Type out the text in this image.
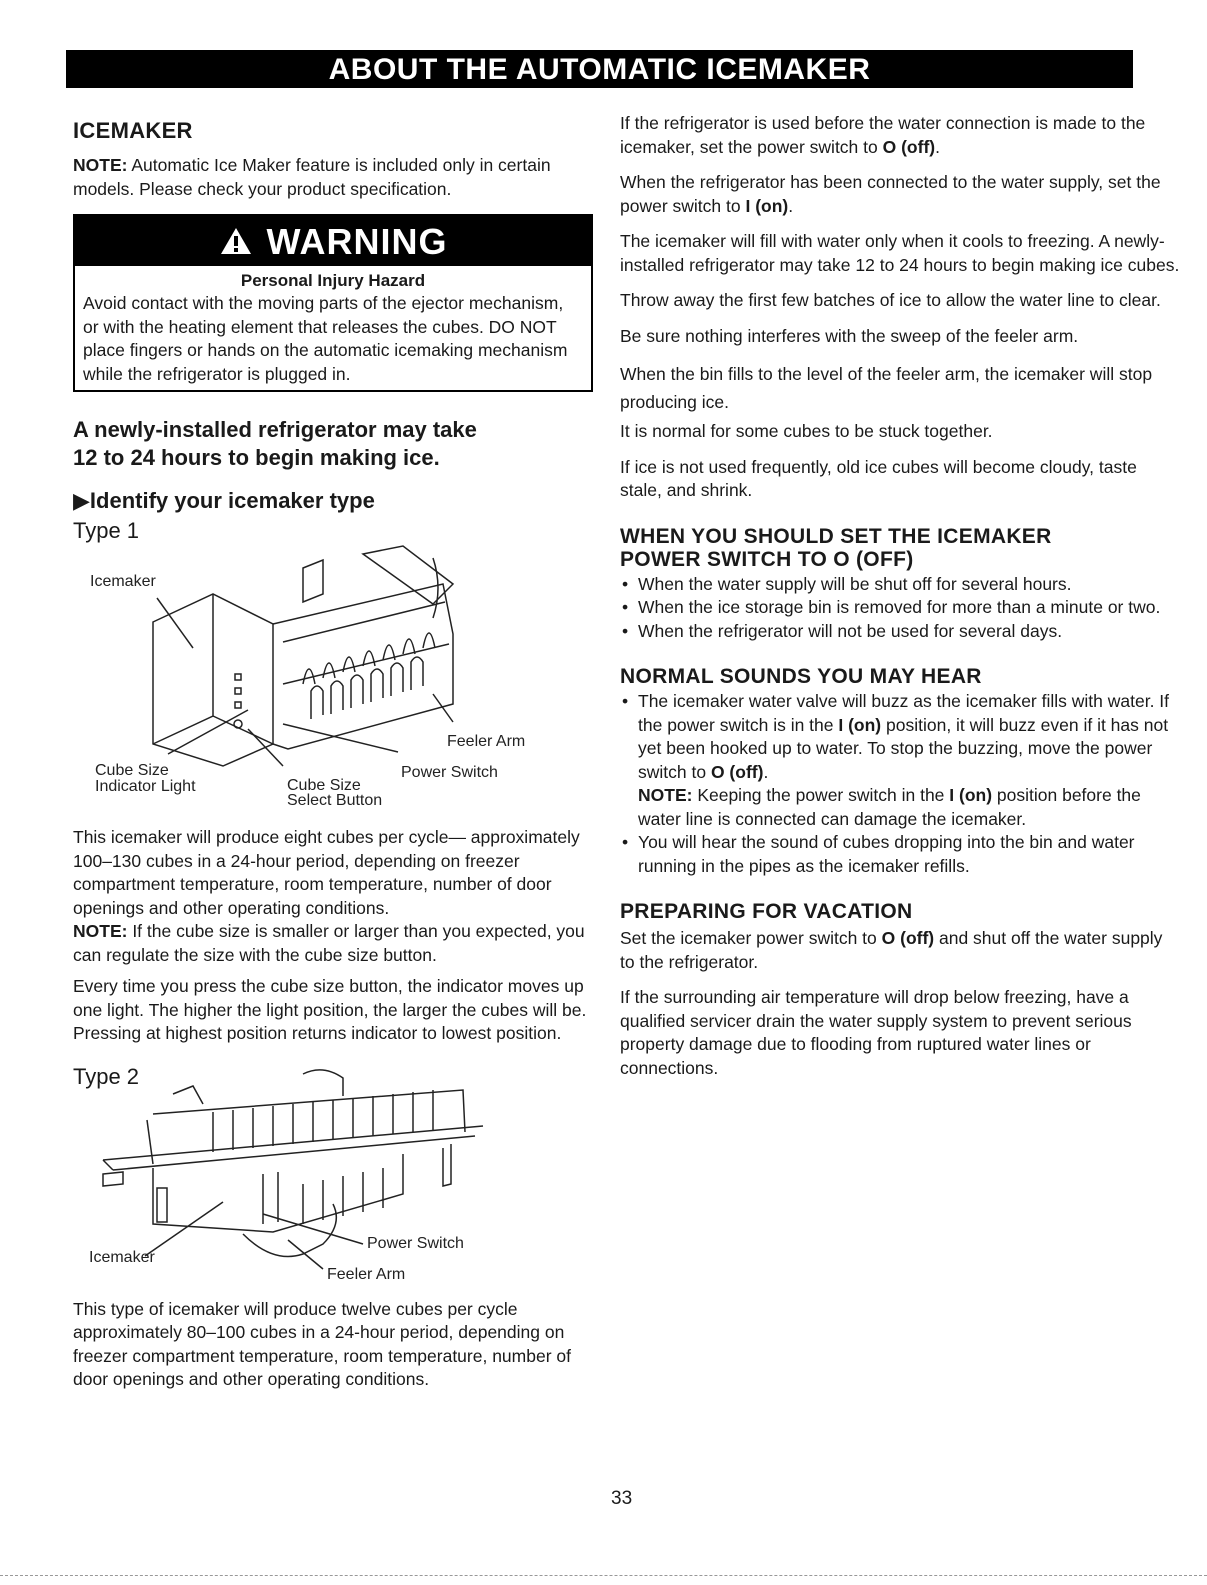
ABOUT THE AUTOMATIC ICEMAKER
ICEMAKER

NOTE: Automatic Ice Maker feature is included only in certain models. Please check your product specification.

WARNING
Personal Injury Hazard

Avoid contact with the moving parts of the ejector mechanism, or with the heating element that releases the cubes. DO NOT place fingers or hands on the automatic icemaking mechanism while the refrigerator is plugged in.

A newly-installed refrigerator may take
12 to 24 hours to begin making ice.
▶Identify your icemaker type
Type 1
Icemaker
Feeler Arm
Cube Size
Indicator Light
Power Switch
Cube Size
Select Button

This icemaker will produce eight cubes per cycle— approximately 100–130 cubes in a 24-hour period, depending on freezer compartment temperature, room temperature, number of door openings and other operating conditions.

NOTE: If the cube size is smaller or larger than you expected, you can regulate the size with the cube size button.

Every time you press the cube size button, the indicator moves up one light. The higher the light position, the larger the cubes will be. Pressing at highest position returns indicator to lowest position.

Type 2
Icemaker
Power Switch
Feeler Arm

This type of icemaker will produce twelve cubes per cycle approximately 80–100 cubes in a 24-hour period, depending on freezer compartment temperature, room temperature, number of door openings and other operating conditions.

If the refrigerator is used before the water connection is made to the icemaker, set the power switch to O (off).

When the refrigerator has been connected to the water supply, set the power switch to I (on).

The icemaker will fill with water only when it cools to freezing. A newly-installed refrigerator may take 12 to 24 hours to begin making ice cubes.

Throw away the first few batches of ice to allow the water line to clear.

Be sure nothing interferes with the sweep of the feeler arm.

When the bin fills to the level of the feeler arm, the icemaker will stop producing ice.

It is normal for some cubes to be stuck together.

If ice is not used frequently, old ice cubes will become cloudy, taste stale, and shrink.

WHEN YOU SHOULD SET THE ICEMAKER
POWER SWITCH TO O (OFF)
• When the water supply will be shut off for several hours.
• When the ice storage bin is removed for more than a minute or two.
• When the refrigerator will not be used for several days.
NORMAL SOUNDS YOU MAY HEAR
• The icemaker water valve will buzz as the icemaker fills with water. If the power switch is in the I (on) position, it will buzz even if it has not yet been hooked up to water. To stop the buzzing, move the power switch to O (off).
NOTE: Keeping the power switch in the I (on) position before the water line is connected can damage the icemaker.
• You will hear the sound of cubes dropping into the bin and water running in the pipes as the icemaker refills.
PREPARING FOR VACATION

Set the icemaker power switch to O (off) and shut off the water supply to the refrigerator.

If the surrounding air temperature will drop below freezing, have a qualified servicer drain the water supply system to prevent serious property damage due to flooding from ruptured water lines or connections.

33
